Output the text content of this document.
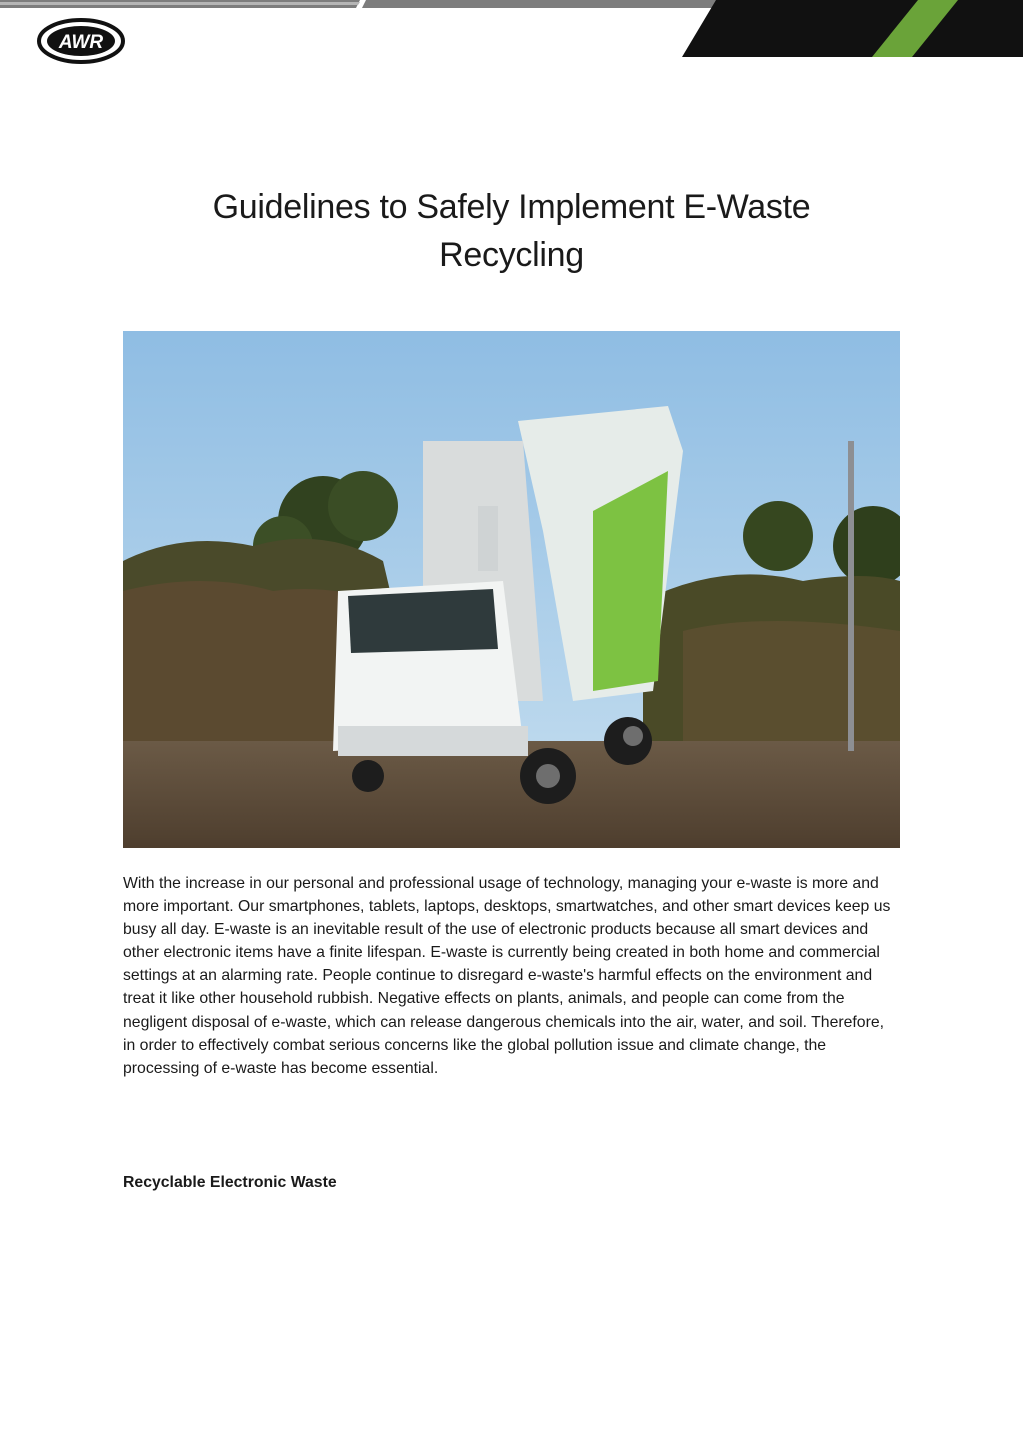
AWR
Guidelines to Safely Implement E-Waste
Recycling

With the increase in our personal and professional usage of technology, managing your e-waste is more and more important. Our smartphones, tablets, laptops, desktops, smartwatches, and other smart devices keep us busy all day. E-waste is an inevitable result of the use of electronic products because all smart devices and other electronic items have a finite lifespan. E-waste is currently being created in both home and commercial settings at an alarming rate. People continue to disregard e-waste's harmful effects on the environment and treat it like other household rubbish. Negative effects on plants, animals, and people can come from the negligent disposal of e-waste, which can release dangerous chemicals into the air, water, and soil. Therefore, in order to effectively combat serious concerns like the global pollution issue and climate change, the processing of e-waste has become essential.

Recyclable Electronic Waste
